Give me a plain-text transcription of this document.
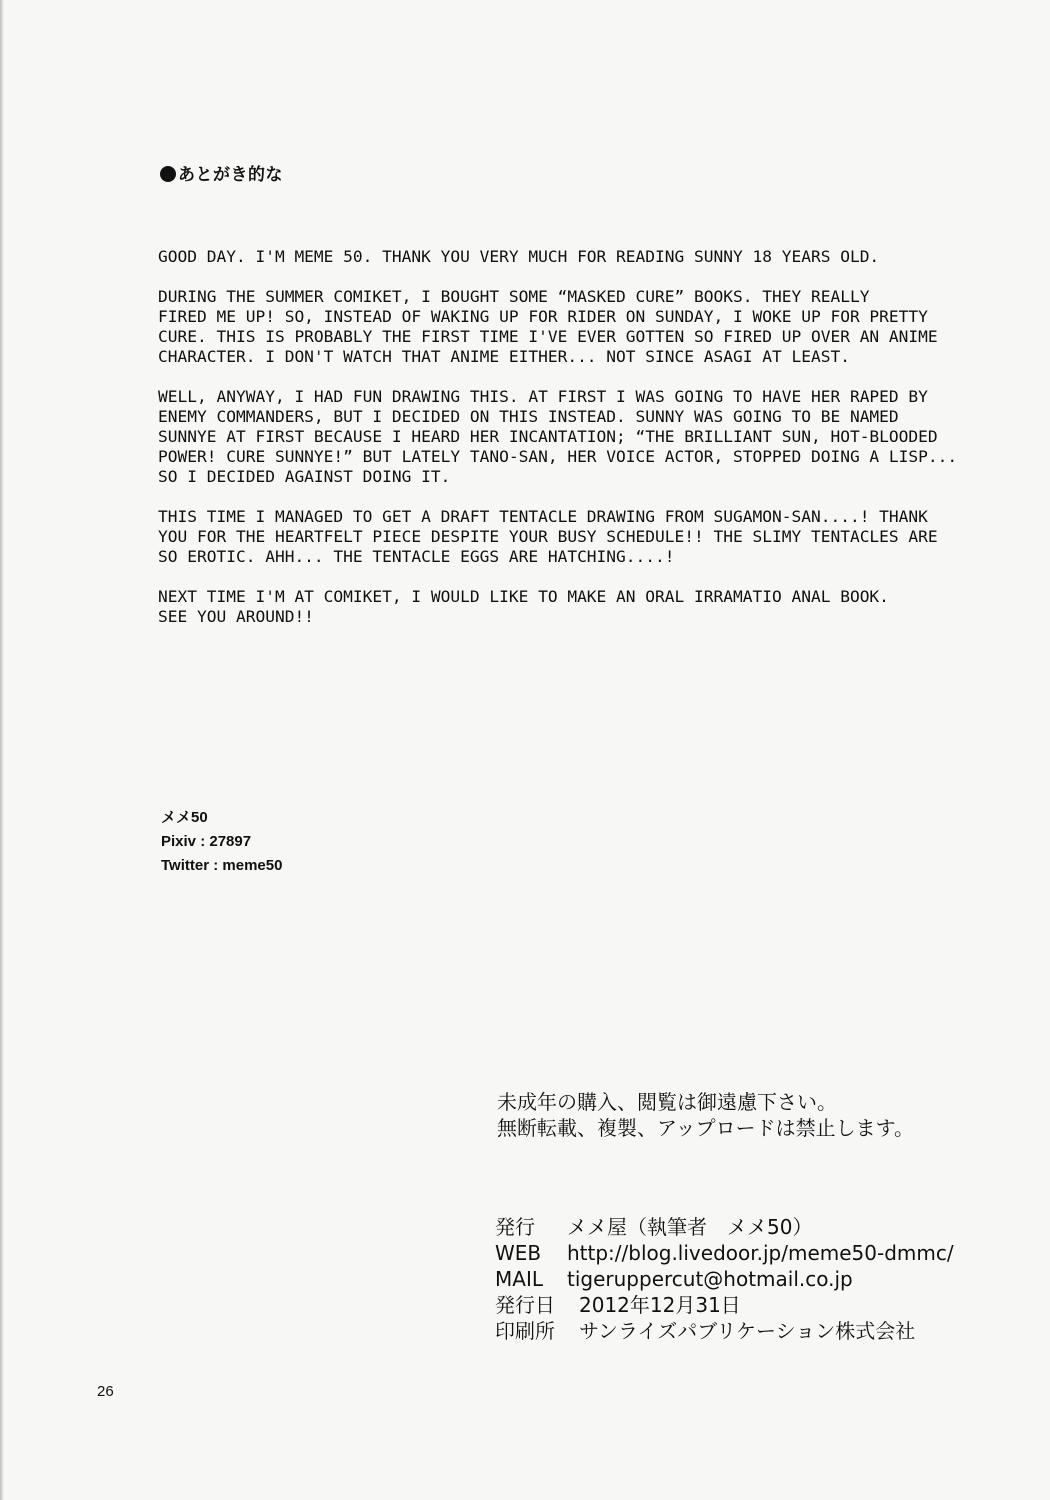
あとがき的な

GOOD DAY. I'M MEME 50. THANK YOU VERY MUCH FOR READING SUNNY 18 YEARS OLD.

DURING THE SUMMER COMIKET, I BOUGHT SOME “MASKED CURE” BOOKS. THEY REALLY
FIRED ME UP! SO, INSTEAD OF WAKING UP FOR RIDER ON SUNDAY, I WOKE UP FOR PRETTY
CURE. THIS IS PROBABLY THE FIRST TIME I'VE EVER GOTTEN SO FIRED UP OVER AN ANIME
CHARACTER. I DON'T WATCH THAT ANIME EITHER... NOT SINCE ASAGI AT LEAST.

WELL, ANYWAY, I HAD FUN DRAWING THIS. AT FIRST I WAS GOING TO HAVE HER RAPED BY
ENEMY COMMANDERS, BUT I DECIDED ON THIS INSTEAD. SUNNY WAS GOING TO BE NAMED
SUNNYE AT FIRST BECAUSE I HEARD HER INCANTATION; “THE BRILLIANT SUN, HOT-BLOODED
POWER! CURE SUNNYE!” BUT LATELY TANO-SAN, HER VOICE ACTOR, STOPPED DOING A LISP...
SO I DECIDED AGAINST DOING IT.

THIS TIME I MANAGED TO GET A DRAFT TENTACLE DRAWING FROM SUGAMON-SAN....! THANK
YOU FOR THE HEARTFELT PIECE DESPITE YOUR BUSY SCHEDULE!! THE SLIMY TENTACLES ARE
SO EROTIC. AHH... THE TENTACLE EGGS ARE HATCHING....!

NEXT TIME I'M AT COMIKET, I WOULD LIKE TO MAKE AN ORAL IRRAMATIO ANAL BOOK.
SEE YOU AROUND!!

メメ50
Pixiv : 27897
Twitter : meme50
未成年の購入、閲覧は御遠慮下さい。
無断転載、複製、アップロードは禁止します。
発行 メメ屋（執筆者　メメ50）
WEB http://blog.livedoor.jp/meme50-dmmc/
MAIL tigeruppercut@hotmail.co.jp
発行日 2012年12月31日
印刷所 サンライズパブリケーション株式会社
26
